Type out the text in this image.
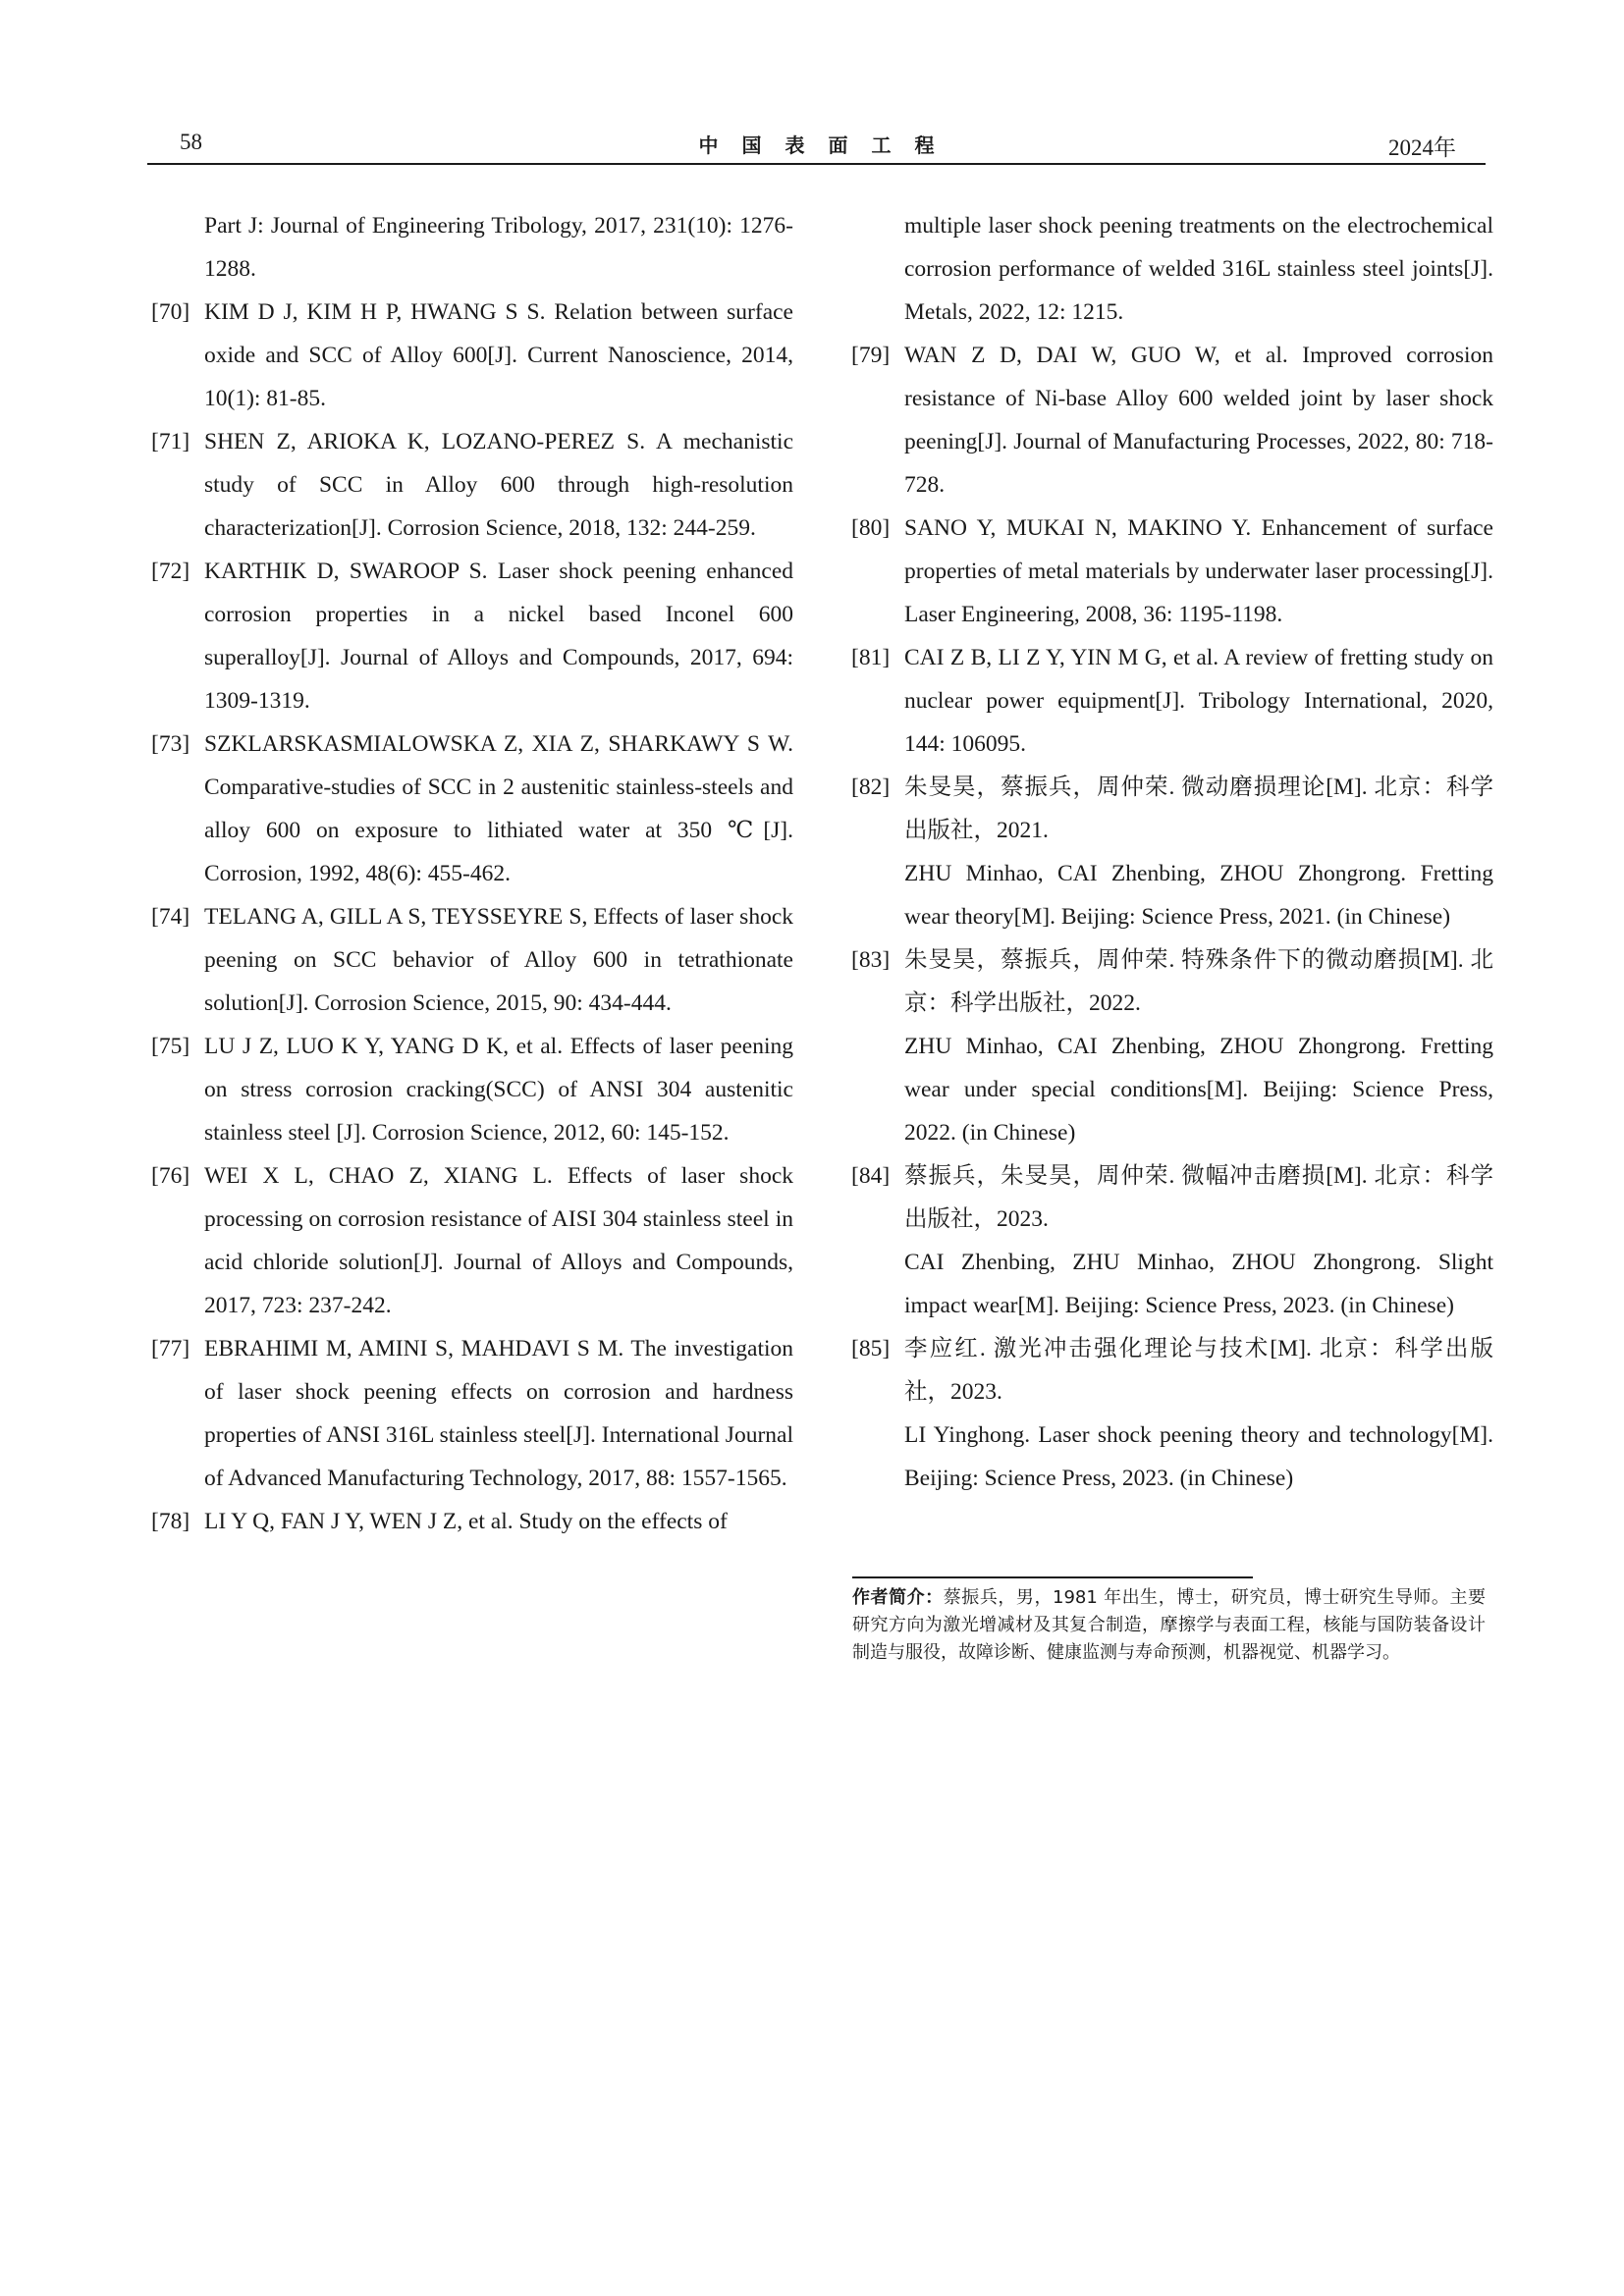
58	中国表面工程	2024年
Part J: Journal of Engineering Tribology, 2017, 231(10): 1276-1288.
[70] KIM D J, KIM H P, HWANG S S. Relation between surface oxide and SCC of Alloy 600[J]. Current Nanoscience, 2014, 10(1): 81-85.
[71] SHEN Z, ARIOKA K, LOZANO-PEREZ S. A mechanistic study of SCC in Alloy 600 through high-resolution characterization[J]. Corrosion Science, 2018, 132: 244-259.
[72] KARTHIK D, SWAROOP S. Laser shock peening enhanced corrosion properties in a nickel based Inconel 600 superalloy[J]. Journal of Alloys and Compounds, 2017, 694: 1309-1319.
[73] SZKLARSKASMIALOWSKA Z, XIA Z, SHARKAWY S W. Comparative-studies of SCC in 2 austenitic stainless-steels and alloy 600 on exposure to lithiated water at 350 ℃[J]. Corrosion, 1992, 48(6): 455-462.
[74] TELANG A, GILL A S, TEYSSEYRE S, Effects of laser shock peening on SCC behavior of Alloy 600 in tetrathionate solution[J]. Corrosion Science, 2015, 90: 434-444.
[75] LU J Z, LUO K Y, YANG D K, et al. Effects of laser peening on stress corrosion cracking(SCC) of ANSI 304 austenitic stainless steel [J]. Corrosion Science, 2012, 60: 145-152.
[76] WEI X L, CHAO Z, XIANG L. Effects of laser shock processing on corrosion resistance of AISI 304 stainless steel in acid chloride solution[J]. Journal of Alloys and Compounds, 2017, 723: 237-242.
[77] EBRAHIMI M, AMINI S, MAHDAVI S M. The investigation of laser shock peening effects on corrosion and hardness properties of ANSI 316L stainless steel[J]. International Journal of Advanced Manufacturing Technology, 2017, 88: 1557-1565.
[78] LI Y Q, FAN J Y, WEN J Z, et al. Study on the effects of
multiple laser shock peening treatments on the electrochemical corrosion performance of welded 316L stainless steel joints[J]. Metals, 2022, 12: 1215.
[79] WAN Z D, DAI W, GUO W, et al. Improved corrosion resistance of Ni-base Alloy 600 welded joint by laser shock peening[J]. Journal of Manufacturing Processes, 2022, 80: 718-728.
[80] SANO Y, MUKAI N, MAKINO Y. Enhancement of surface properties of metal materials by underwater laser processing[J]. Laser Engineering, 2008, 36: 1195-1198.
[81] CAI Z B, LI Z Y, YIN M G, et al. A review of fretting study on nuclear power equipment[J]. Tribology International, 2020, 144: 106095.
[82] 朱旻昊，蔡振兵，周仲荣. 微动磨损理论[M]. 北京：科学出版社，2021.
ZHU Minhao, CAI Zhenbing, ZHOU Zhongrong. Fretting wear theory[M]. Beijing: Science Press, 2021. (in Chinese)
[83] 朱旻昊，蔡振兵，周仲荣. 特殊条件下的微动磨损[M]. 北京：科学出版社，2022.
ZHU Minhao, CAI Zhenbing, ZHOU Zhongrong. Fretting wear under special conditions[M]. Beijing: Science Press, 2022. (in Chinese)
[84] 蔡振兵，朱旻昊，周仲荣. 微幅冲击磨损[M]. 北京：科学出版社，2023.
CAI Zhenbing, ZHU Minhao, ZHOU Zhongrong. Slight impact wear[M]. Beijing: Science Press, 2023. (in Chinese)
[85] 李应红. 激光冲击强化理论与技术[M]. 北京：科学出版社，2023.
LI Yinghong. Laser shock peening theory and technology[M]. Beijing: Science Press, 2023. (in Chinese)
作者简介：蔡振兵，男，1981 年出生，博士，研究员，博士研究生导师。主要研究方向为激光增减材及其复合制造，摩擦学与表面工程，核能与国防装备设计制造与服役，故障诊断、健康监测与寿命预测，机器视觉、机器学习。
